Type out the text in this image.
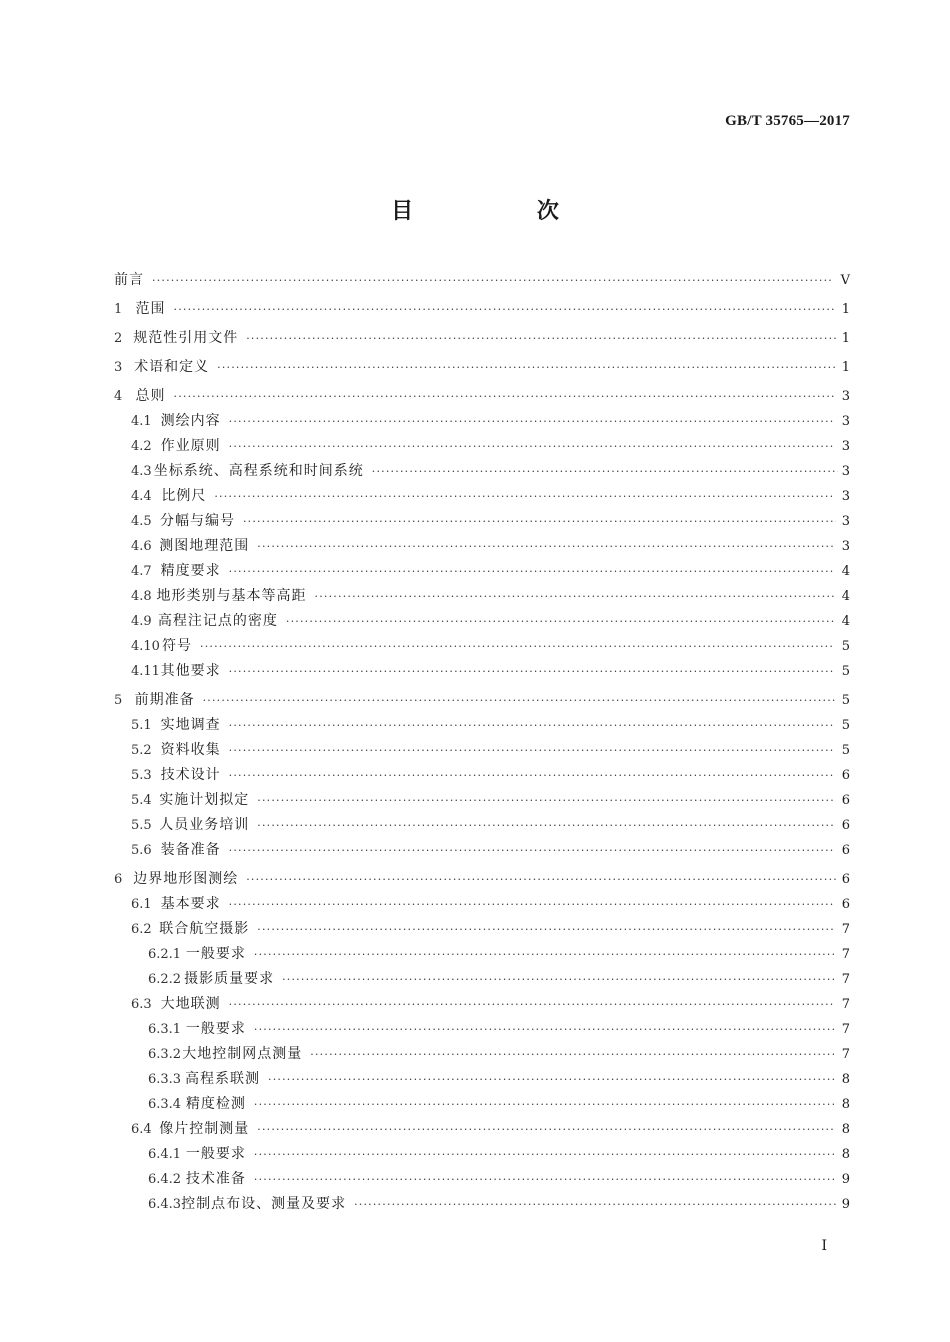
GB/T 35765—2017
目 次
前言 ·····	V
1 范围 ·····	1
2 规范性引用文件 ·····	1
3 术语和定义 ·····	1
4 总则 ·····	3
4.1 测绘内容 ·····	3
4.2 作业原则 ·····	3
4.3 坐标系统、高程系统和时间系统 ·····	3
4.4 比例尺 ·····	3
4.5 分幅与编号 ·····	3
4.6 测图地理范围 ·····	3
4.7 精度要求 ·····	4
4.8 地形类别与基本等高距 ·····	4
4.9 高程注记点的密度 ·····	4
4.10 符号 ·····	5
4.11 其他要求 ·····	5
5 前期准备 ·····	5
5.1 实地调查 ·····	5
5.2 资料收集 ·····	5
5.3 技术设计 ·····	6
5.4 实施计划拟定 ·····	6
5.5 人员业务培训 ·····	6
5.6 装备准备 ·····	6
6 边界地形图测绘 ·····	6
6.1 基本要求 ·····	6
6.2 联合航空摄影 ·····	7
6.2.1 一般要求 ·····	7
6.2.2 摄影质量要求 ·····	7
6.3 大地联测 ·····	7
6.3.1 一般要求 ·····	7
6.3.2 大地控制网点测量 ·····	7
6.3.3 高程系联测 ·····	8
6.3.4 精度检测 ·····	8
6.4 像片控制测量 ·····	8
6.4.1 一般要求 ·····	8
6.4.2 技术准备 ·····	9
6.4.3 控制点布设、测量及要求 ·····	9
I
